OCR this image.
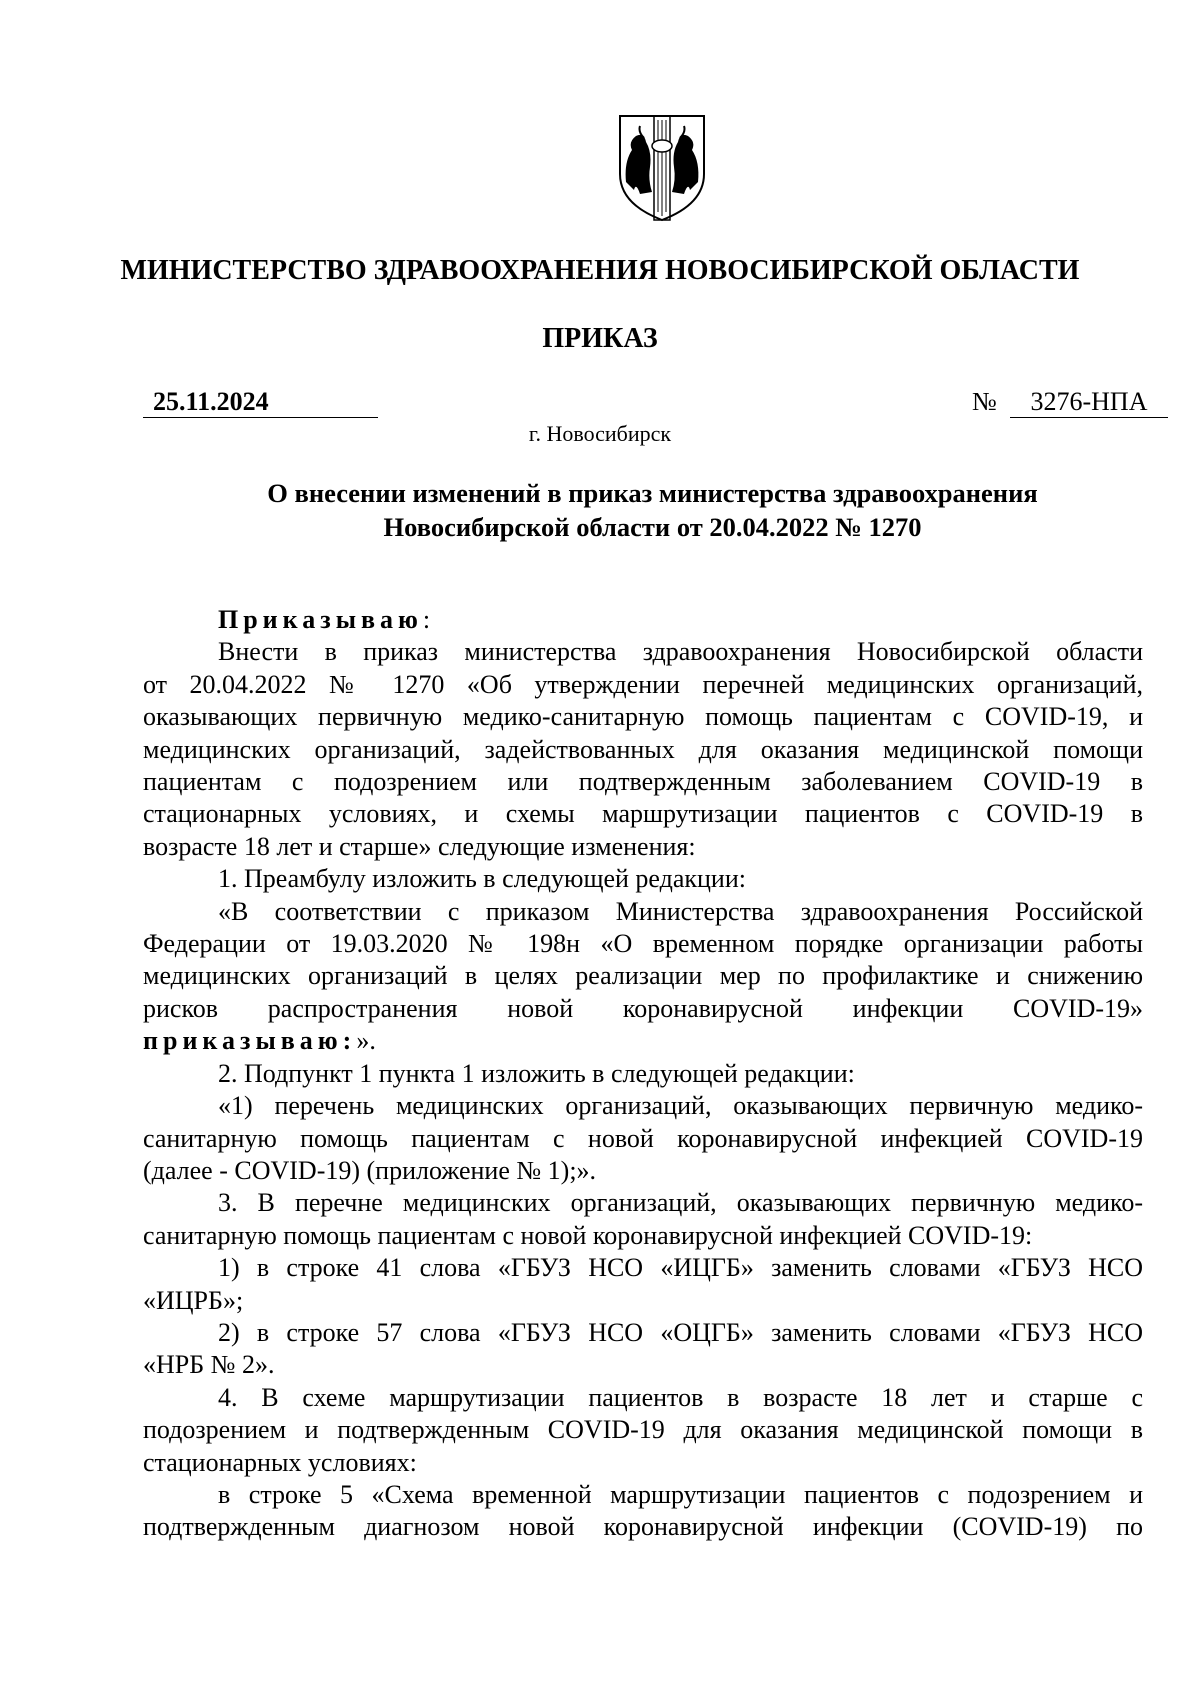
МИНИСТЕРСТВО ЗДРАВООХРАНЕНИЯ НОВОСИБИРСКОЙ ОБЛАСТИ
ПРИКАЗ
25.11.2024	№	3276-НПА
г. Новосибирск
О внесении изменений в приказ министерства здравоохранения
Новосибирской области от 20.04.2022 № 1270

Приказываю:

Внести в приказ министерства здравоохранения Новосибирской области

от 20.04.2022 № 1270 «Об утверждении перечней медицинских организаций,

оказывающих первичную медико-санитарную помощь пациентам с COVID-19, и

медицинских организаций, задействованных для оказания медицинской помощи

пациентам с подозрением или подтвержденным заболеванием COVID-19 в

стационарных условиях, и схемы маршрутизации пациентов с COVID-19 в

возрасте 18 лет и старше» следующие изменения:

1. Преамбулу изложить в следующей редакции:

«В соответствии с приказом Министерства здравоохранения Российской

Федерации от 19.03.2020 № 198н «О временном порядке организации работы

медицинских организаций в целях реализации мер по профилактике и снижению

рисков распространения новой коронавирусной инфекции COVID-19»

приказываю:».

2. Подпункт 1 пункта 1 изложить в следующей редакции:

«1) перечень медицинских организаций, оказывающих первичную медико-

санитарную помощь пациентам с новой коронавирусной инфекцией COVID-19

(далее - COVID-19) (приложение № 1);».

3. В перечне медицинских организаций, оказывающих первичную медико-

санитарную помощь пациентам с новой коронавирусной инфекцией COVID-19:

1) в строке 41 слова «ГБУЗ НСО «ИЦГБ» заменить словами «ГБУЗ НСО

«ИЦРБ»;

2) в строке 57 слова «ГБУЗ НСО «ОЦГБ» заменить словами «ГБУЗ НСО

«НРБ № 2».

4. В схеме маршрутизации пациентов в возрасте 18 лет и старше с

подозрением и подтвержденным COVID-19 для оказания медицинской помощи в

стационарных условиях:

в строке 5 «Схема временной маршрутизации пациентов с подозрением и

подтвержденным диагнозом новой коронавирусной инфекции (COVID-19) по
